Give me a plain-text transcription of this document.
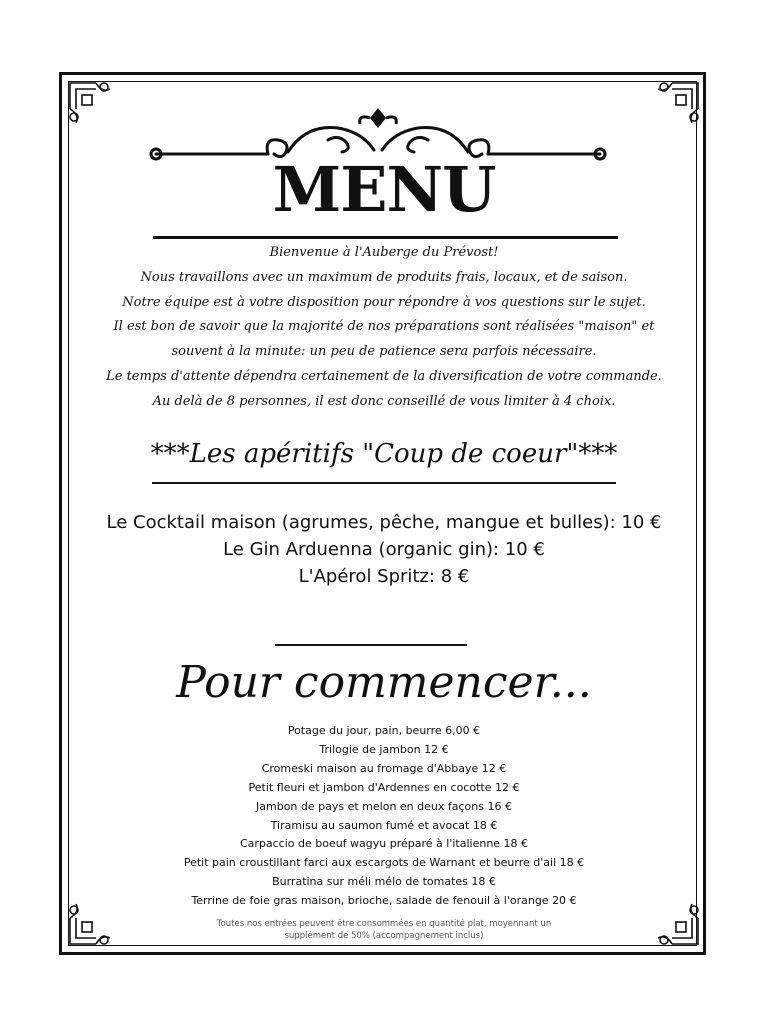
MENU
Bienvenue à l'Auberge du Prévost!
Nous travaillons avec un maximum de produits frais, locaux, et de saison.
Notre équipe est à votre disposition pour répondre à vos questions sur le sujet.
Il est bon de savoir que la majorité de nos préparations sont réalisées "maison" et
souvent à la minute: un peu de patience sera parfois nécessaire.
Le temps d'attente dépendra certainement de la diversification de votre commande.
Au delà de 8 personnes, il est donc conseillé de vous limiter à 4 choix.
***Les apéritifs "Coup de coeur"***
Le Cocktail maison (agrumes, pêche, mangue et bulles): 10 €
Le Gin Arduenna (organic gin): 10 €
L'Apérol Spritz: 8 €
Pour commencer...
Potage du jour, pain, beurre 6,00 €
Trilogie de jambon 12 €
Cromeski maison au fromage d'Abbaye 12 €
Petit fleuri et jambon d'Ardennes en cocotte 12 €
Jambon de pays et melon en deux façons 16 €
Tiramisu au saumon fumé et avocat 18 €
Carpaccio de boeuf wagyu préparé à l'italienne 18 €
Petit pain croustillant farci aux escargots de Warnant et beurre d'ail 18 €
Burratina sur méli mélo de tomates 18 €
Terrine de foie gras maison, brioche, salade de fenouil à l'orange 20 €
Toutes nos entrées peuvent être consommées en quantité plat, moyennant un
supplément de 50% (accompagnement inclus)
